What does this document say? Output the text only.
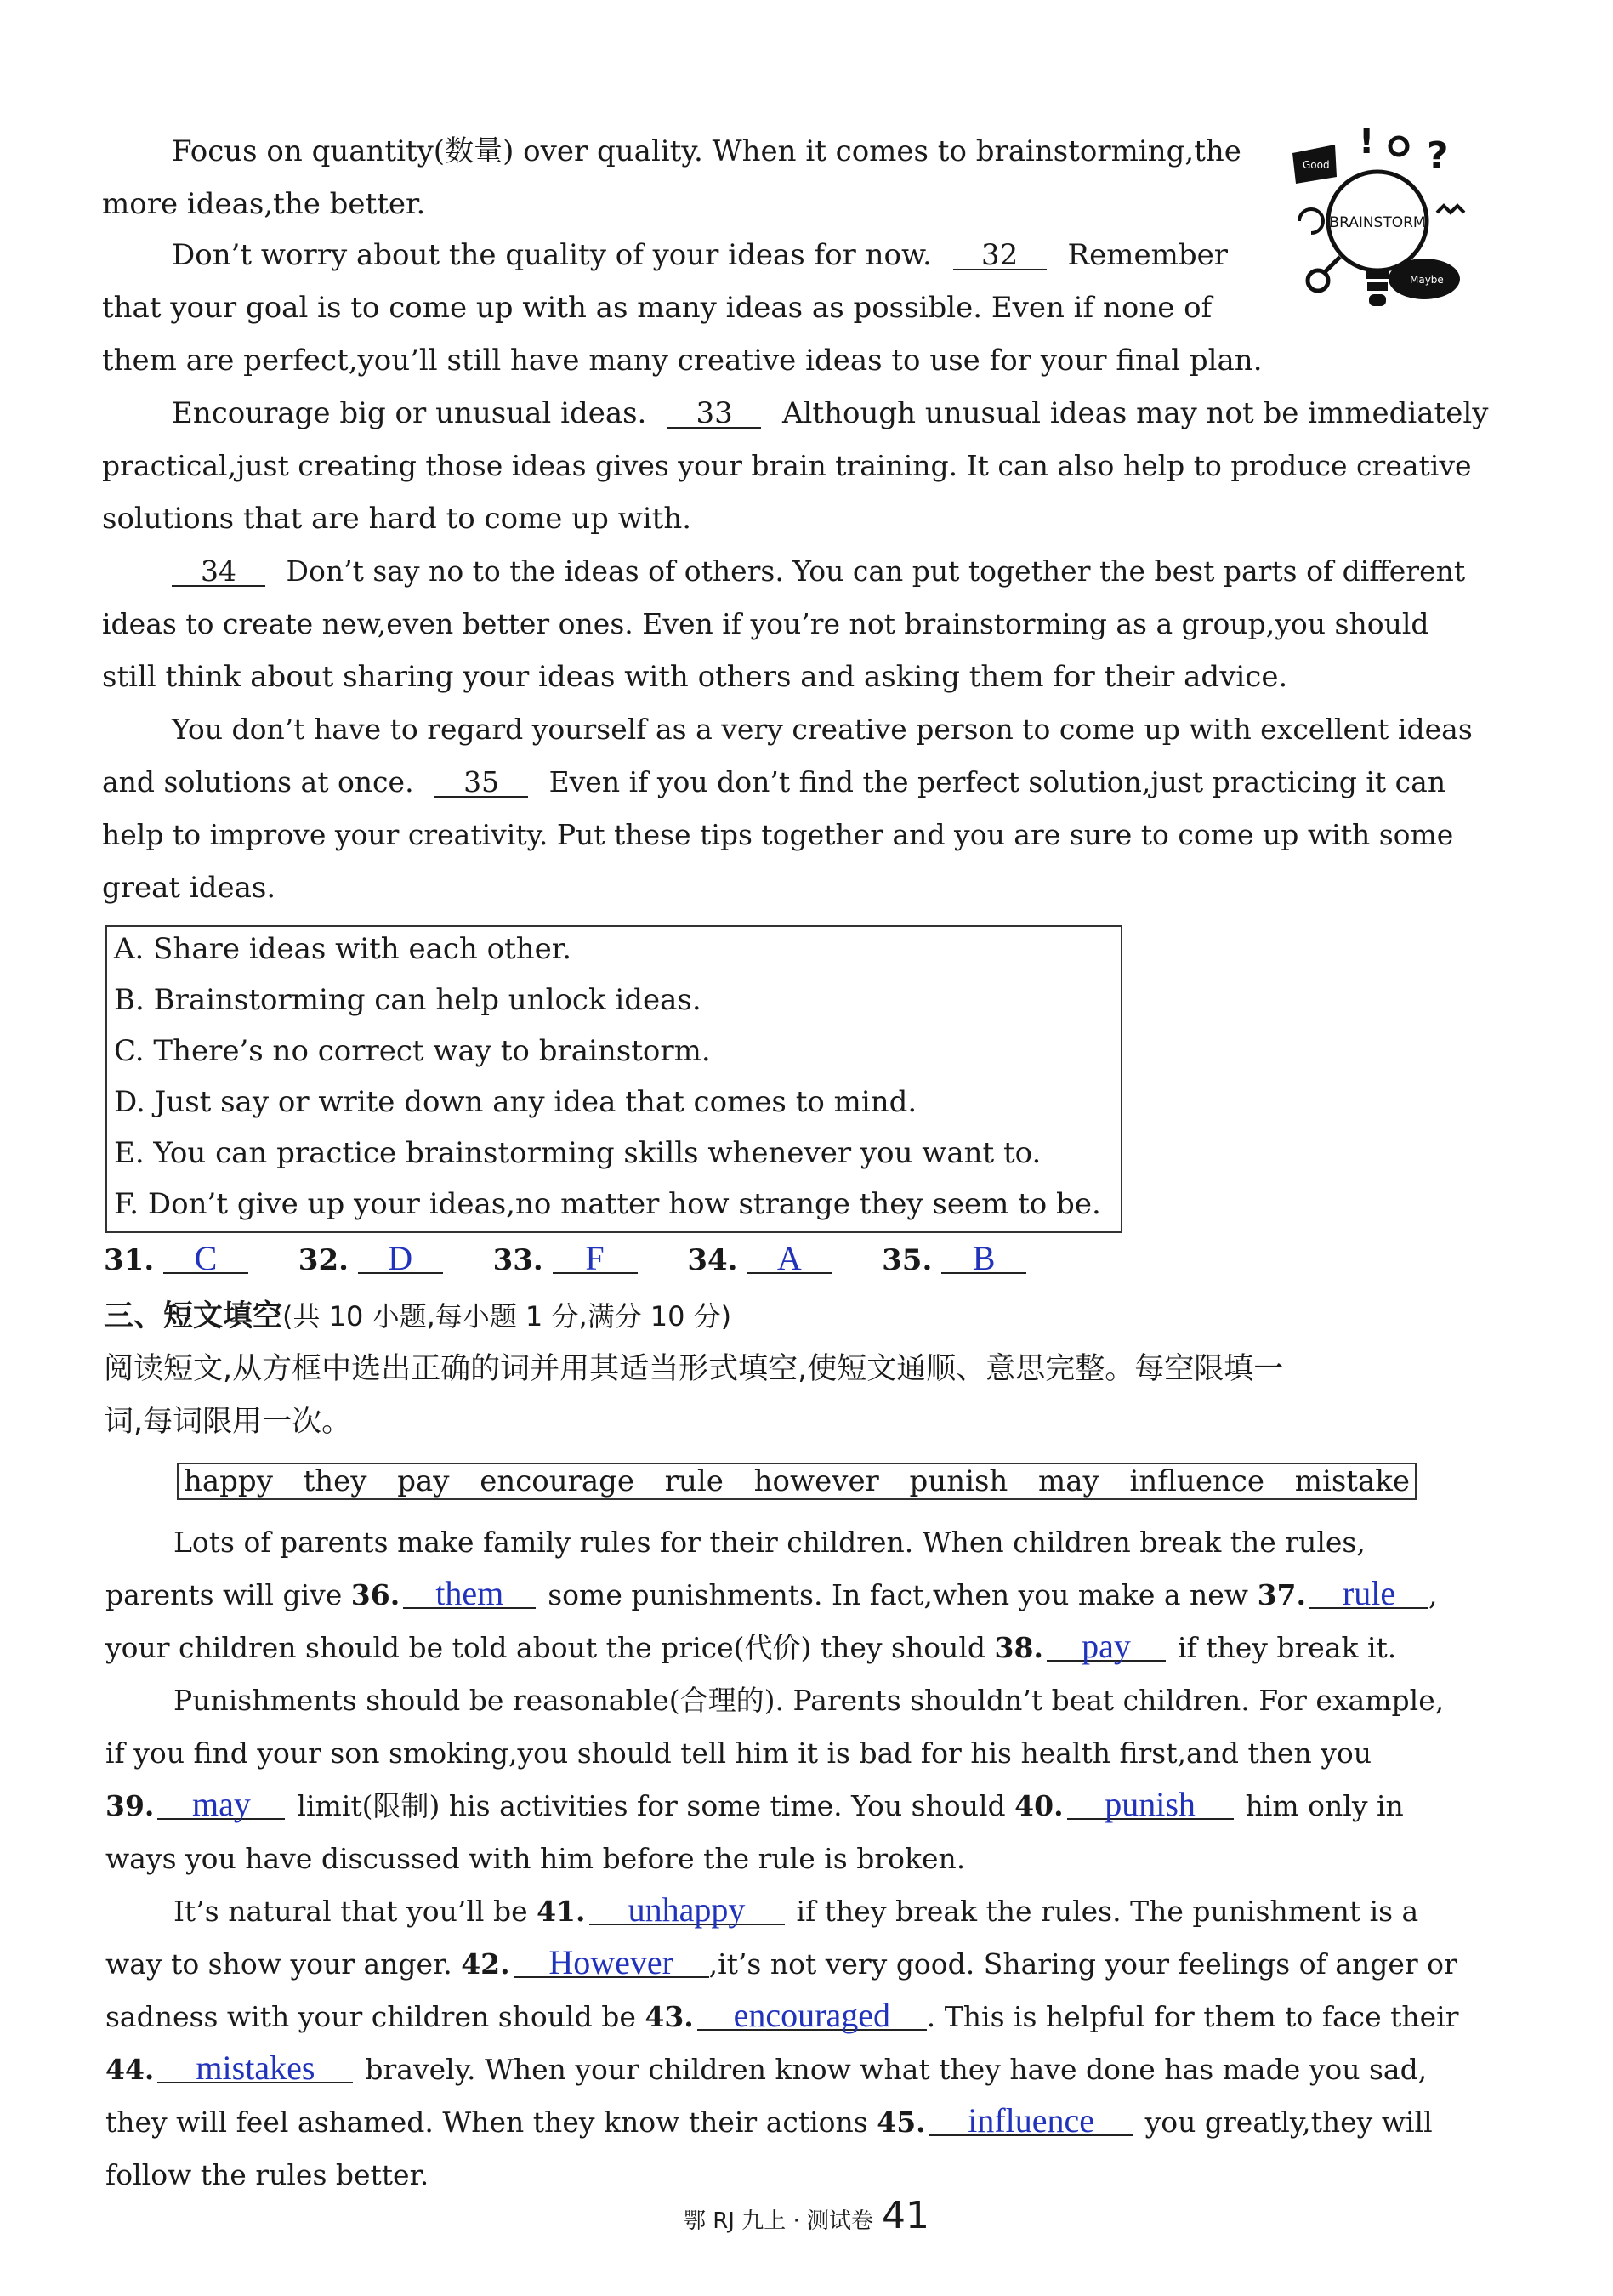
Focus on quantity(数量) over quality. When it comes to brainstorming,the
more ideas,the better.
Don’t worry about the quality of your ideas for now. 32 Remember
that your goal is to come up with as many ideas as possible. Even if none of
them are perfect,you’ll still have many creative ideas to use for your final plan.
Encourage big or unusual ideas. 33 Although unusual ideas may not be immediately
practical,just creating those ideas gives your brain training. It can also help to produce creative
solutions that are hard to come up with.
34 Don’t say no to the ideas of others. You can put together the best parts of different
ideas to create new,even better ones. Even if you’re not brainstorming as a group,you should
still think about sharing your ideas with others and asking them for their advice.
You don’t have to regard yourself as a very creative person to come up with excellent ideas
and solutions at once. 35 Even if you don’t find the perfect solution,just practicing it can
help to improve your creativity. Put these tips together and you are sure to come up with some
great ideas.
BRAINSTORM
Good
Maybe
! ?
A. Share ideas with each other.
B. Brainstorming can help unlock ideas.
C. There’s no correct way to brainstorm.
D. Just say or write down any idea that comes to mind.
E. You can practice brainstorming skills whenever you want to.
F. Don’t give up your ideas,no matter how strange they seem to be.
31. C	32. D	33. F	34. A	35. B
三、短文填空(共 10 小题,每小题 1 分,满分 10 分)
阅读短文,从方框中选出正确的词并用其适当形式填空,使短文通顺、意思完整。每空限填一
词,每词限用一次。
happy they pay encourage rule however punish may influence mistake
Lots of parents make family rules for their children. When children break the rules,
parents will give 36. them some punishments. In fact,when you make a new 37. rule ,
your children should be told about the price(代价) they should 38. pay if they break it.
Punishments should be reasonable(合理的). Parents shouldn’t beat children. For example,
if you find your son smoking,you should tell him it is bad for his health first,and then you
39. may limit(限制) his activities for some time. You should 40. punish him only in
ways you have discussed with him before the rule is broken.
It’s natural that you’ll be 41. unhappy if they break the rules. The punishment is a
way to show your anger. 42. However ,it’s not very good. Sharing your feelings of anger or
sadness with your children should be 43. encouraged . This is helpful for them to face their
44. mistakes bravely. When your children know what they have done has made you sad,
they will feel ashamed. When they know their actions 45. influence you greatly,they will
follow the rules better.
鄂 RJ 九上 · 测试卷 41
